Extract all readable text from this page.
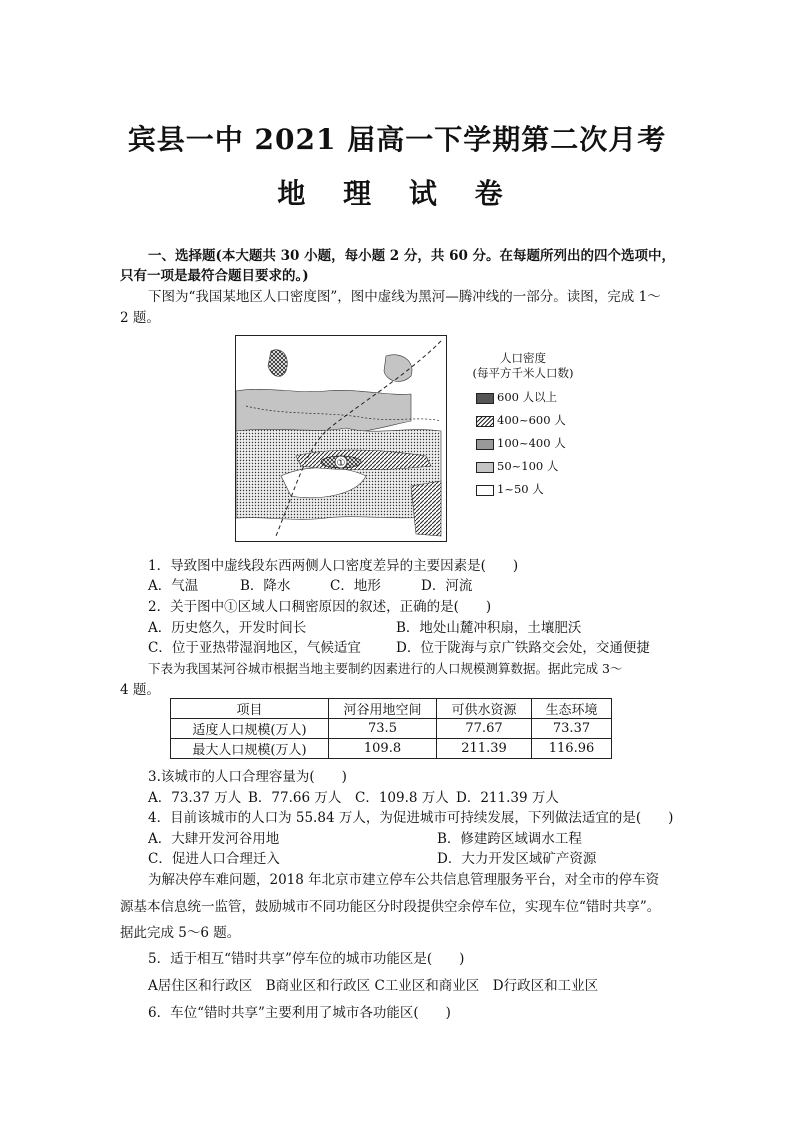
宾县一中 2021 届高一下学期第二次月考
地 理 试 卷
一、选择题(本大题共 30 小题，每小题 2 分，共 60 分。在每题所列出的四个选项中，
只有一项是最符合题目要求的。)
下图为“我国某地区人口密度图”，图中虚线为黑河—腾冲线的一部分。读图，完成 1～
2 题。
①
人口密度
(每平方千米人口数)
600 人以上
400~600 人
100~400 人
50~100 人
1~50 人
1．导致图中虚线段东西两侧人口密度差异的主要因素是(　　)
A．气温	B．降水	C．地形	D．河流
2．关于图中①区域人口稠密原因的叙述，正确的是(　　)
A．历史悠久，开发时间长	B．地处山麓冲积扇，土壤肥沃
C．位于亚热带湿润地区，气候适宜	D．位于陇海与京广铁路交会处，交通便捷
下表为我国某河谷城市根据当地主要制约因素进行的人口规模测算数据。据此完成 3～
4 题。
项目	河谷用地空间	可供水资源	生态环境
适度人口规模(万人)	73.5	77.67	73.37
最大人口规模(万人)	109.8	211.39	116.96
3.该城市的人口合理容量为(　　)
A．73.37 万人 B．77.66 万人 C．109.8 万人 D．211.39 万人
4．目前该城市的人口为 55.84 万人，为促进城市可持续发展，下列做法适宜的是(　　)
A．大肆开发河谷用地	B．修建跨区域调水工程
C．促进人口合理迁入	D．大力开发区域矿产资源
为解决停车难问题，2018 年北京市建立停车公共信息管理服务平台，对全市的停车资
源基本信息统一监管，鼓励城市不同功能区分时段提供空余停车位，实现车位“错时共享”。
据此完成 5～6 题。
5．适于相互“错时共享”停车位的城市功能区是(　　)
A居住区和行政区　B商业区和行政区 C工业区和商业区　D行政区和工业区
6．车位“错时共享”主要利用了城市各功能区(　　)
